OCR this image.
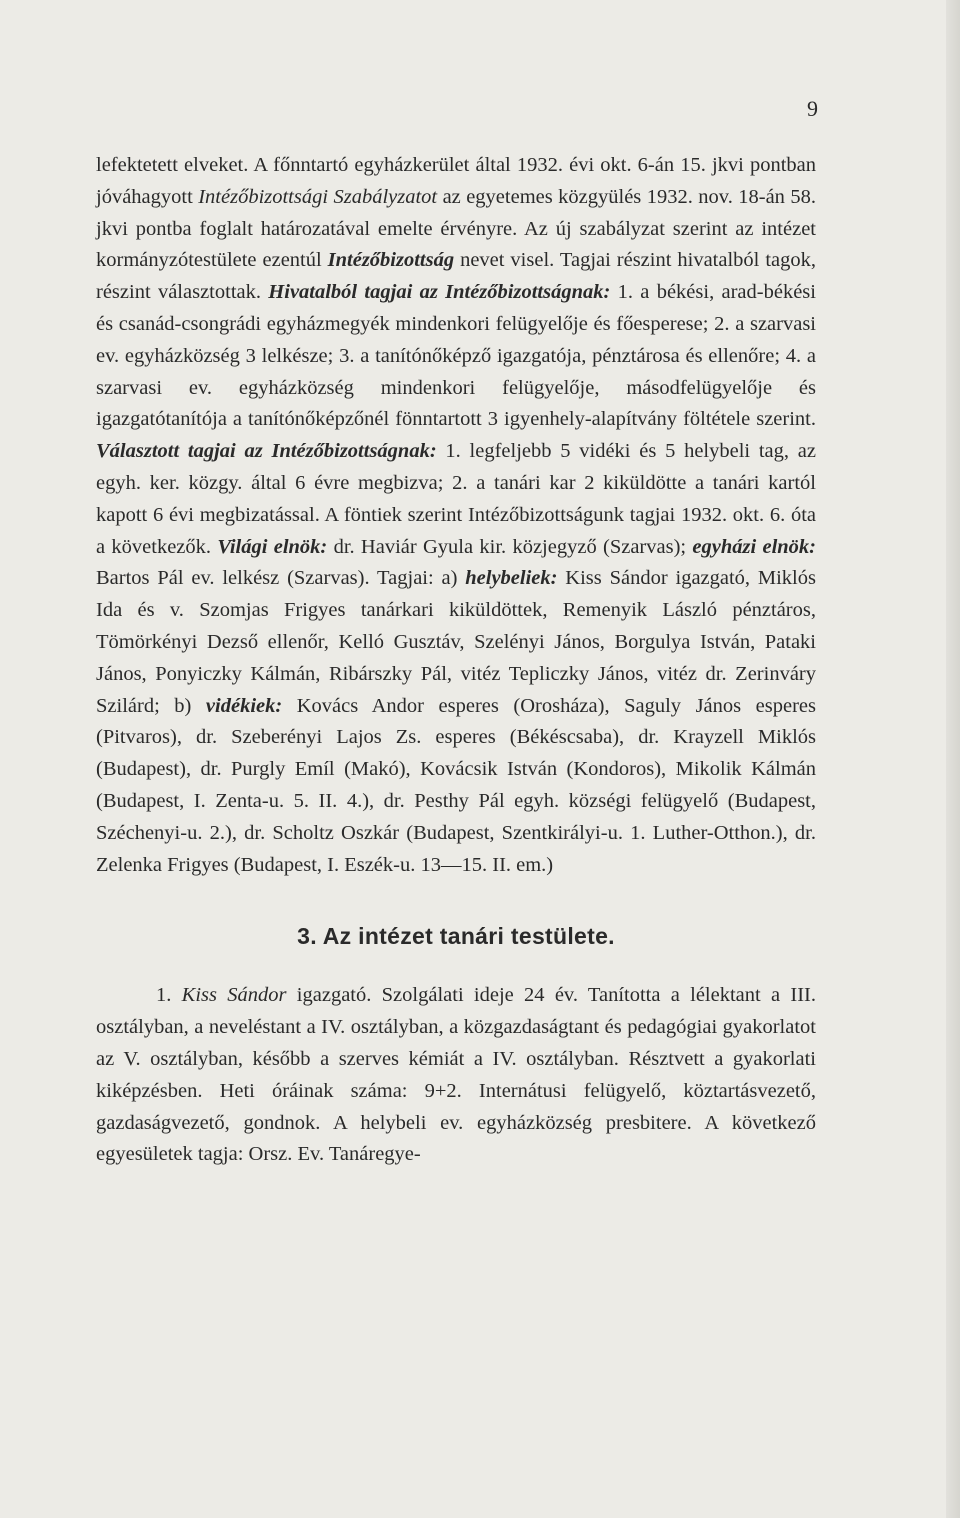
9

lefektetett elveket. A főnntartó egyházkerület által 1932. évi okt. 6-án 15. jkvi pontban jóváhagyott Intézőbizottsági Szabályzatot az egyetemes közgyülés 1932. nov. 18-án 58. jkvi pontba foglalt határozatával emelte érvényre. Az új szabályzat szerint az intézet kormányzótestülete ezentúl Intézőbizottság nevet visel. Tagjai részint hivatalból tagok, részint választottak. Hivatalból tagjai az Intézőbizottságnak: 1. a békési, arad-békési és csanád-csongrádi egyházmegyék mindenkori felügyelője és főesperese; 2. a szarvasi ev. egyházközség 3 lelkésze; 3. a tanítónőképző igazgatója, pénztárosa és ellenőre; 4. a szarvasi ev. egyházközség mindenkori felügyelője, másodfelügyelője és igazgatótanítója a tanítónőképzőnél fönntartott 3 igyenhely-alapítvány föltétele szerint. Választott tagjai az Intézőbizottságnak: 1. legfeljebb 5 vidéki és 5 helybeli tag, az egyh. ker. közgy. által 6 évre megbizva; 2. a tanári kar 2 kiküldötte a tanári kartól kapott 6 évi megbizatással. A föntiek szerint Intézőbizottságunk tagjai 1932. okt. 6. óta a következők. Világi elnök: dr. Haviár Gyula kir. közjegyző (Szarvas); egyházi elnök: Bartos Pál ev. lelkész (Szarvas). Tagjai: a) helybeliek: Kiss Sándor igazgató, Miklós Ida és v. Szomjas Frigyes tanárkari kiküldöttek, Remenyik László pénztáros, Tömörkényi Dezső ellenőr, Kelló Gusztáv, Szelényi János, Borgulya István, Pataki János, Ponyiczky Kálmán, Ribárszky Pál, vitéz Tepliczky János, vitéz dr. Zerinváry Szilárd; b) vidékiek: Kovács Andor esperes (Orosháza), Saguly János esperes (Pitvaros), dr. Szeberényi Lajos Zs. esperes (Békéscsaba), dr. Krayzell Miklós (Budapest), dr. Purgly Emíl (Makó), Kovácsik István (Kondoros), Mikolik Kálmán (Budapest, I. Zenta-u. 5. II. 4.), dr. Pesthy Pál egyh. községi felügyelő (Budapest, Széchenyi-u. 2.), dr. Scholtz Oszkár (Budapest, Szentkirályi-u. 1. Luther-Otthon.), dr. Zelenka Frigyes (Budapest, I. Eszék-u. 13—15. II. em.)

3. Az intézet tanári testülete.

1. Kiss Sándor igazgató. Szolgálati ideje 24 év. Tanította a lélektant a III. osztályban, a neveléstant a IV. osztályban, a közgazdaságtant és pedagógiai gyakorlatot az V. osztályban, később a szerves kémiát a IV. osztályban. Résztvett a gyakorlati kiképzésben. Heti óráinak száma: 9+2. Internátusi felügyelő, köztartásvezető, gazdaságvezető, gondnok. A helybeli ev. egyházközség presbitere. A következő egyesületek tagja: Orsz. Ev. Tanáregye-
